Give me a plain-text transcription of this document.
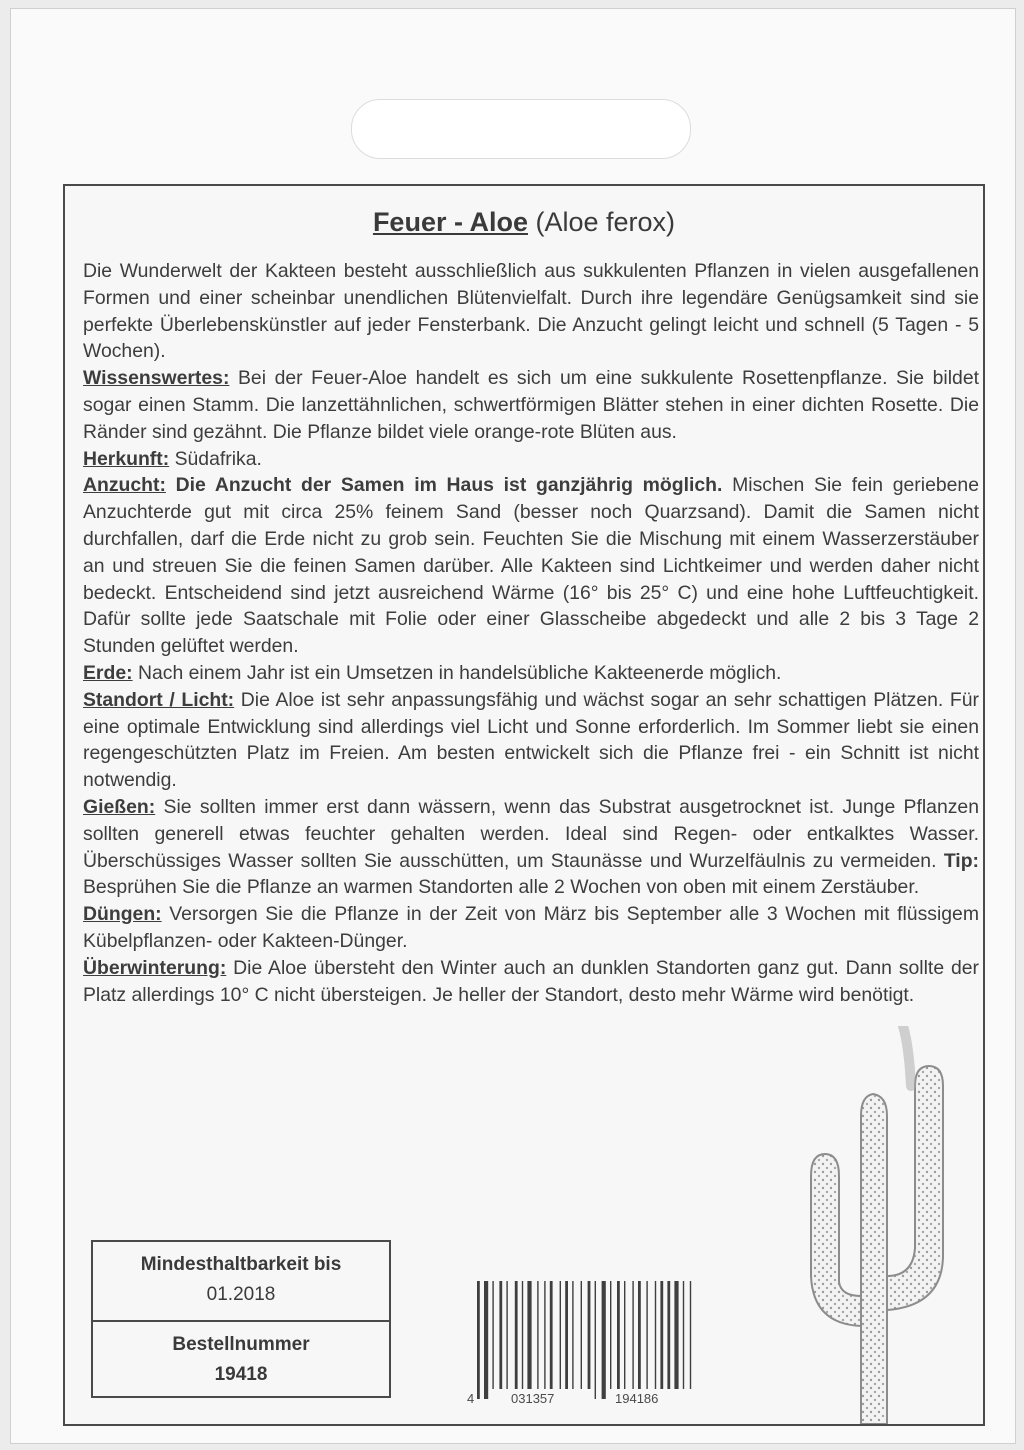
Feuer - Aloe (Aloe ferox)

Die Wunderwelt der Kakteen besteht ausschließlich aus sukkulenten Pflanzen in vielen ausgefallenen Formen und einer scheinbar unendlichen Blütenvielfalt. Durch ihre legendäre Genügsamkeit sind sie perfekte Überlebenskünstler auf jeder Fensterbank. Die Anzucht gelingt leicht und schnell (5 Tagen - 5 Wochen).

Wissenswertes: Bei der Feuer-Aloe handelt es sich um eine sukkulente Rosettenpflanze. Sie bildet sogar einen Stamm. Die lanzettähnlichen, schwertförmigen Blätter stehen in einer dichten Rosette. Die Ränder sind gezähnt. Die Pflanze bildet viele orange-rote Blüten aus.

Herkunft: Südafrika.

Anzucht: Die Anzucht der Samen im Haus ist ganzjährig möglich. Mischen Sie fein geriebene Anzuchterde gut mit circa 25% feinem Sand (besser noch Quarzsand). Damit die Samen nicht durchfallen, darf die Erde nicht zu grob sein. Feuchten Sie die Mischung mit einem Wasserzerstäuber an und streuen Sie die feinen Samen darüber. Alle Kakteen sind Lichtkeimer und werden daher nicht bedeckt. Entscheidend sind jetzt ausreichend Wärme (16° bis 25° C) und eine hohe Luftfeuchtigkeit. Dafür sollte jede Saatschale mit Folie oder einer Glasscheibe abgedeckt und alle 2 bis 3 Tage 2 Stunden gelüftet werden.

Erde: Nach einem Jahr ist ein Umsetzen in handelsübliche Kakteenerde möglich.

Standort / Licht: Die Aloe ist sehr anpassungsfähig und wächst sogar an sehr schattigen Plätzen. Für eine optimale Entwicklung sind allerdings viel Licht und Sonne erforderlich. Im Sommer liebt sie einen regengeschützten Platz im Freien. Am besten entwickelt sich die Pflanze frei - ein Schnitt ist nicht notwendig.

Gießen: Sie sollten immer erst dann wässern, wenn das Substrat ausgetrocknet ist. Junge Pflanzen sollten generell etwas feuchter gehalten werden. Ideal sind Regen- oder entkalktes Wasser. Überschüssiges Wasser sollten Sie ausschütten, um Staunässe und Wurzelfäulnis zu vermeiden. Tip: Besprühen Sie die Pflanze an warmen Standorten alle 2 Wochen von oben mit einem Zerstäuber.

Düngen: Versorgen Sie die Pflanze in der Zeit von März bis September alle 3 Wochen mit flüssigem Kübelpflanzen- oder Kakteen-Dünger.

Überwinterung: Die Aloe übersteht den Winter auch an dunklen Standorten ganz gut. Dann sollte der Platz allerdings 10° C nicht übersteigen. Je heller der Standort, desto mehr Wärme wird benötigt.

Mindesthaltbarkeit bis
01.2018
Bestellnummer
19418
4	031357	194186
